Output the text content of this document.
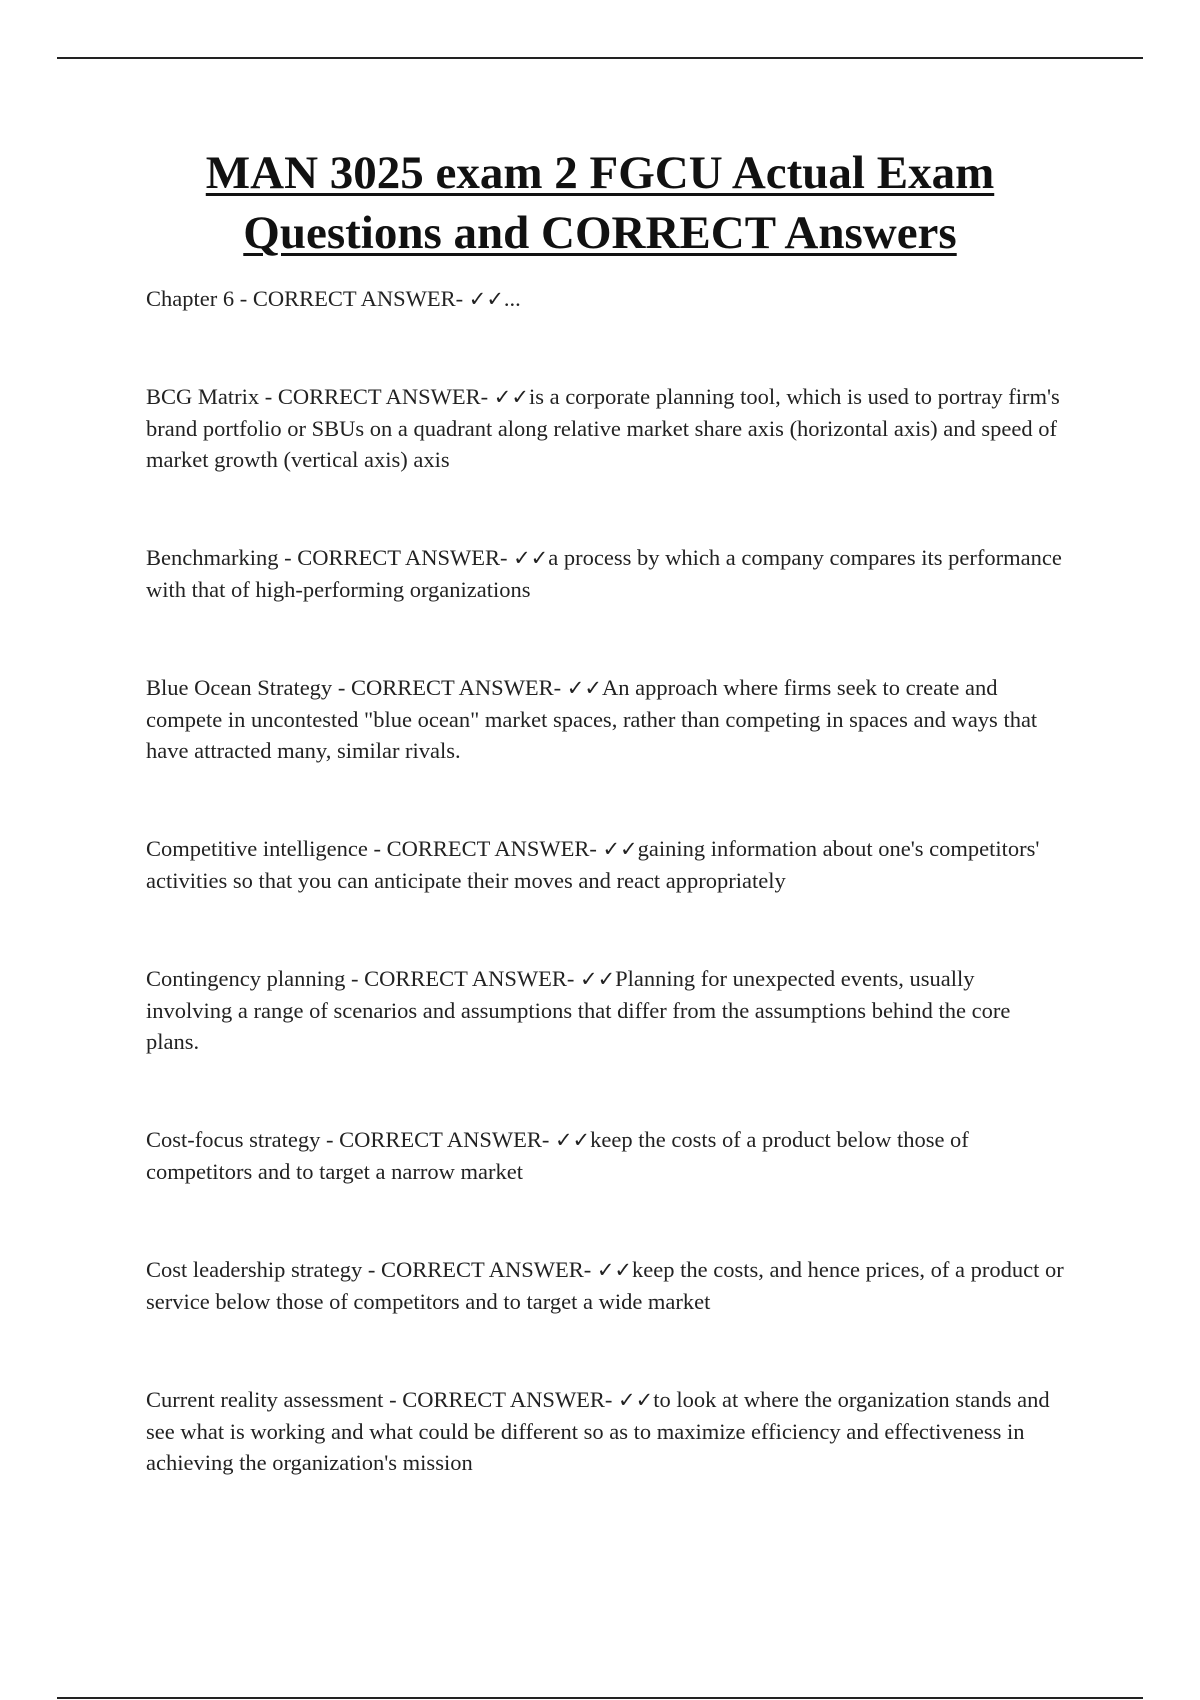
MAN 3025 exam 2 FGCU Actual Exam
Questions and CORRECT Answers

Chapter 6 - CORRECT ANSWER- ✓✓...

BCG Matrix - CORRECT ANSWER- ✓✓is a corporate planning tool, which is used to portray firm's brand portfolio or SBUs on a quadrant along relative market share axis (horizontal axis) and speed of market growth (vertical axis) axis

Benchmarking - CORRECT ANSWER- ✓✓a process by which a company compares its performance with that of high-performing organizations

Blue Ocean Strategy - CORRECT ANSWER- ✓✓An approach where firms seek to create and compete in uncontested "blue ocean" market spaces, rather than competing in spaces and ways that have attracted many, similar rivals.

Competitive intelligence - CORRECT ANSWER- ✓✓gaining information about one's competitors' activities so that you can anticipate their moves and react appropriately

Contingency planning - CORRECT ANSWER- ✓✓Planning for unexpected events, usually involving a range of scenarios and assumptions that differ from the assumptions behind the core plans.

Cost-focus strategy - CORRECT ANSWER- ✓✓keep the costs of a product below those of competitors and to target a narrow market

Cost leadership strategy - CORRECT ANSWER- ✓✓keep the costs, and hence prices, of a product or service below those of competitors and to target a wide market

Current reality assessment - CORRECT ANSWER- ✓✓to look at where the organization stands and see what is working and what could be different so as to maximize efficiency and effectiveness in achieving the organization's mission
